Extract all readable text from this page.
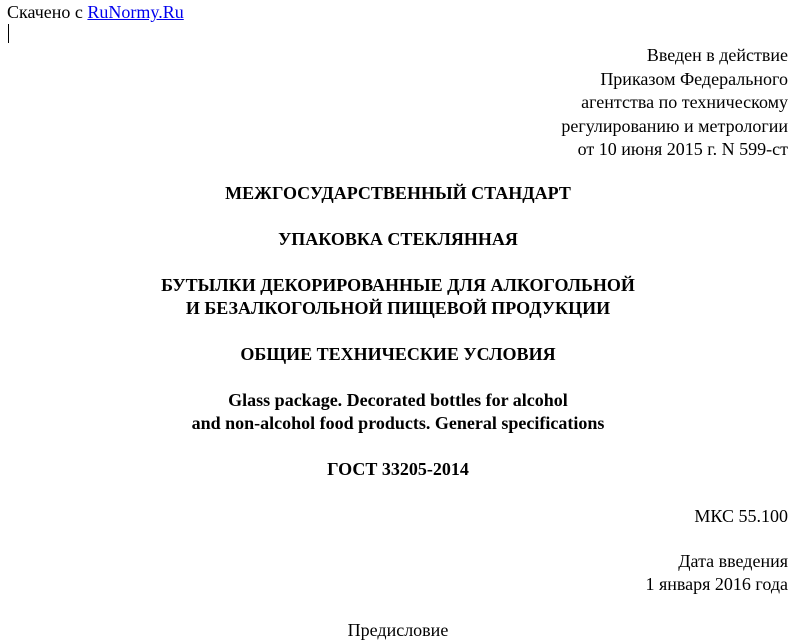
Скачено с RuNormy.Ru
Введен в действие
Приказом Федерального
агентства по техническому
регулированию и метрологии
от 10 июня 2015 г. N 599-ст
МЕЖГОСУДАРСТВЕННЫЙ СТАНДАРТ
УПАКОВКА СТЕКЛЯННАЯ
БУТЫЛКИ ДЕКОРИРОВАННЫЕ ДЛЯ АЛКОГОЛЬНОЙ
И БЕЗАЛКОГОЛЬНОЙ ПИЩЕВОЙ ПРОДУКЦИИ
ОБЩИЕ ТЕХНИЧЕСКИЕ УСЛОВИЯ
Glass package. Decorated bottles for alcohol
and non-alcohol food products. General specifications
ГОСТ 33205-2014
МКС 55.100
Дата введения
1 января 2016 года
Предисловие
